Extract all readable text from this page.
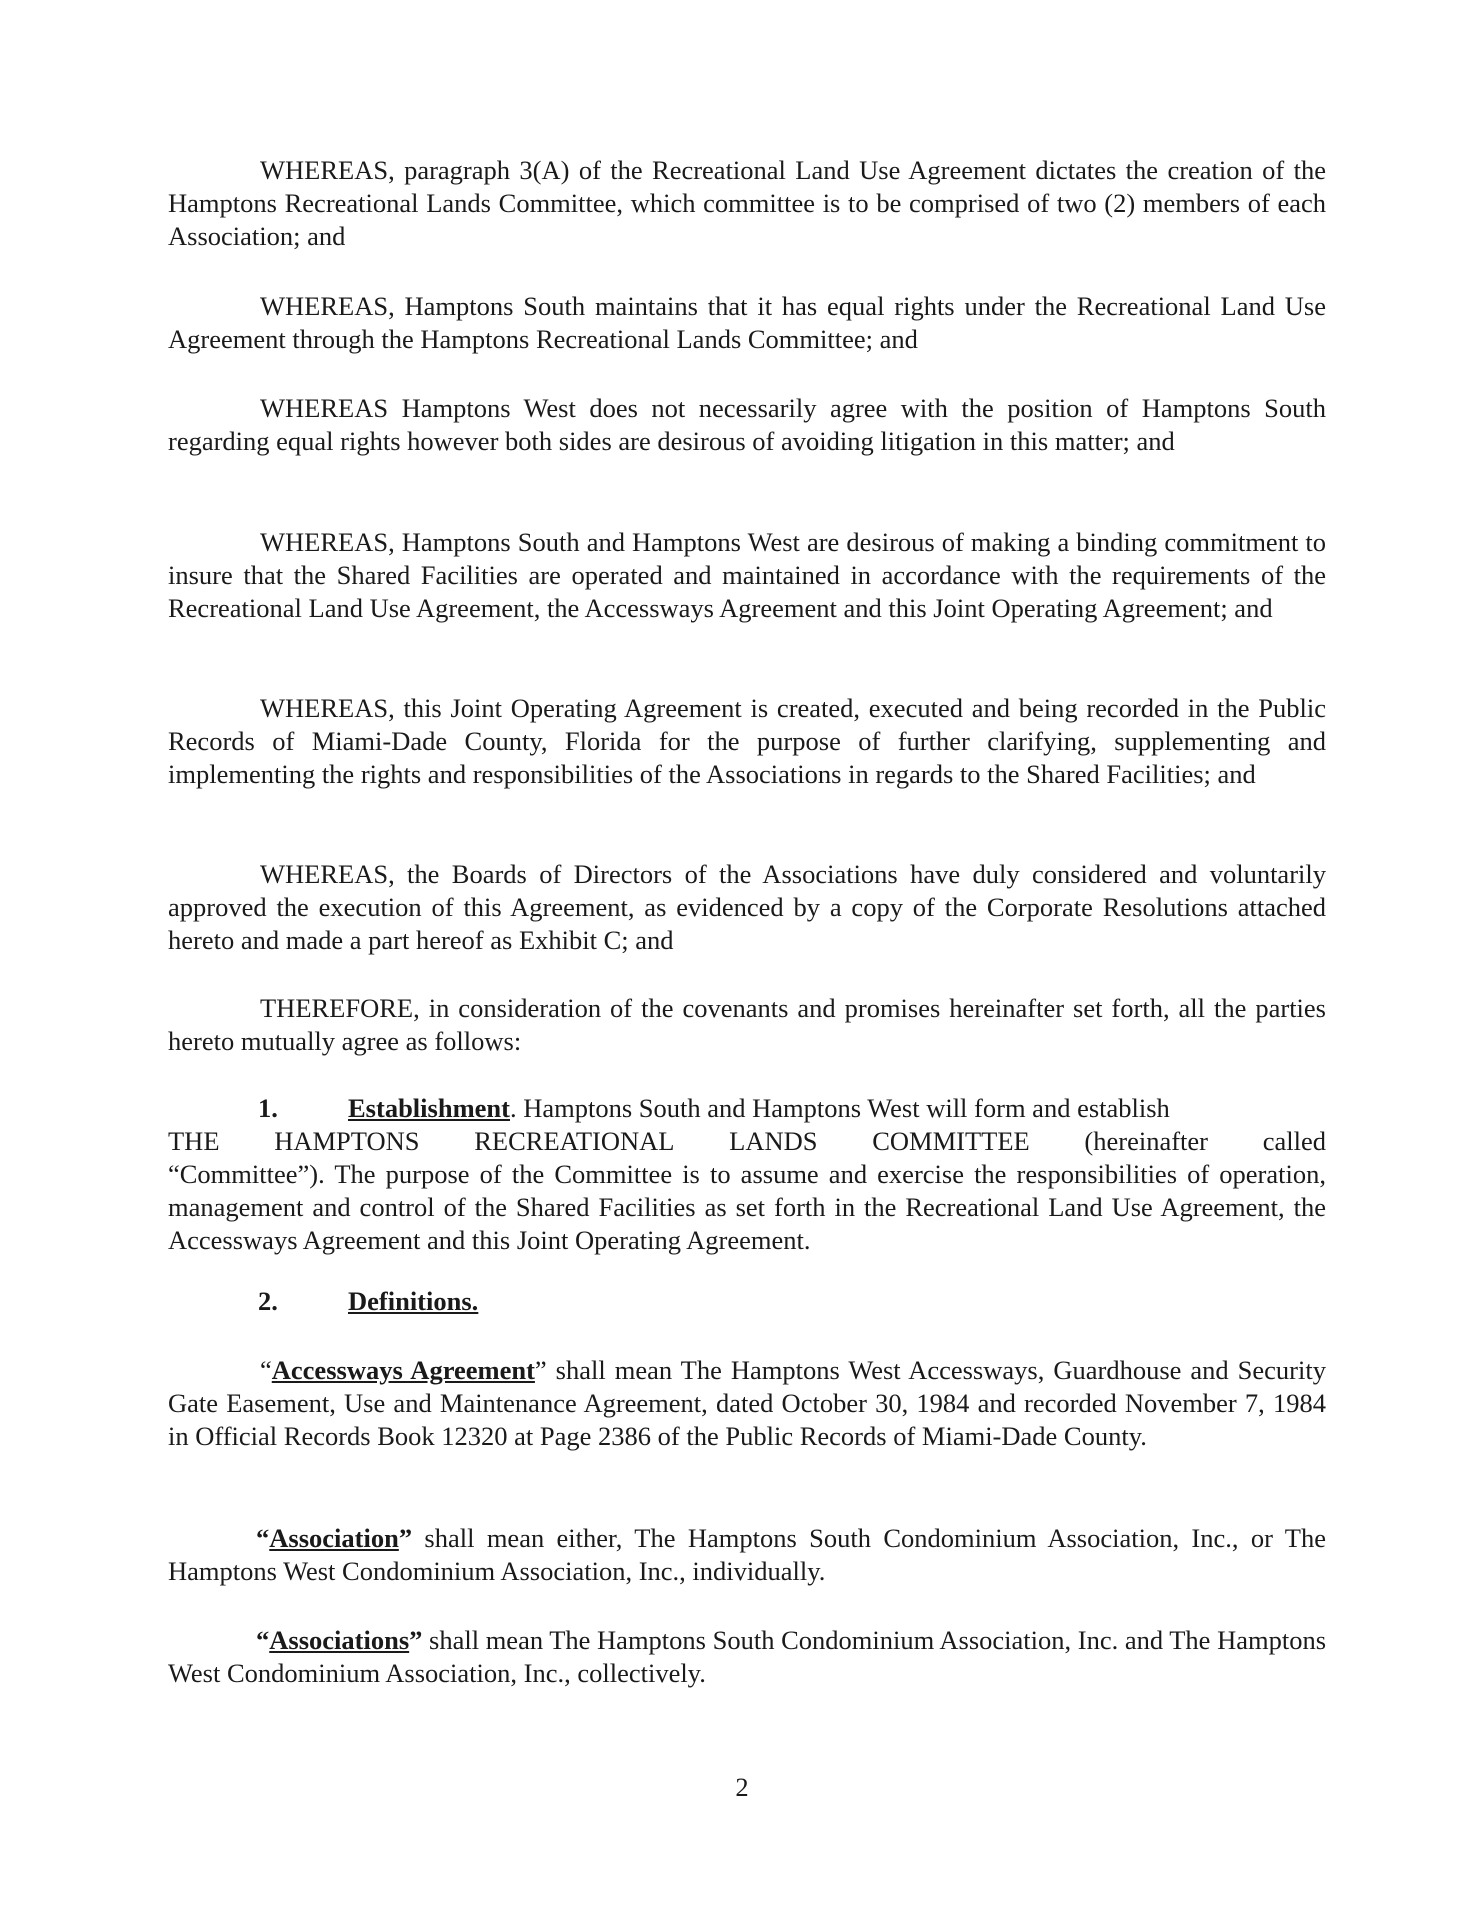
WHEREAS, paragraph 3(A) of the Recreational Land Use Agreement dictates the creation of the Hamptons Recreational Lands Committee, which committee is to be comprised of two (2) members of each Association; and

WHEREAS, Hamptons South maintains that it has equal rights under the Recreational Land Use Agreement through the Hamptons Recreational Lands Committee; and

WHEREAS Hamptons West does not necessarily agree with the position of Hamptons South regarding equal rights however both sides are desirous of avoiding litigation in this matter; and

WHEREAS, Hamptons South and Hamptons West are desirous of making a binding commitment to insure that the Shared Facilities are operated and maintained in accordance with the requirements of the Recreational Land Use Agreement, the Accessways Agreement and this Joint Operating Agreement; and

WHEREAS, this Joint Operating Agreement is created, executed and being recorded in the Public Records of Miami-Dade County, Florida for the purpose of further clarifying, supplementing and implementing the rights and responsibilities of the Associations in regards to the Shared Facilities; and

WHEREAS, the Boards of Directors of the Associations have duly considered and voluntarily approved the execution of this Agreement, as evidenced by a copy of the Corporate Resolutions attached hereto and made a part hereof as Exhibit C; and

THEREFORE, in consideration of the covenants and promises hereinafter set forth, all the parties hereto mutually agree as follows:

1.	Establishment. Hamptons South and Hamptons West will form and establish
THE HAMPTONS RECREATIONAL LANDS COMMITTEE (hereinafter called
“Committee”). The purpose of the Committee is to assume and exercise the responsibilities of operation, management and control of the Shared Facilities as set forth in the Recreational Land Use Agreement, the Accessways Agreement and this Joint Operating Agreement.

2.	Definitions.

“Accessways Agreement” shall mean The Hamptons West Accessways, Guardhouse and Security Gate Easement, Use and Maintenance Agreement, dated October 30, 1984 and recorded November 7, 1984 in Official Records Book 12320 at Page 2386 of the Public Records of Miami-Dade County.

“Association” shall mean either, The Hamptons South Condominium Association, Inc., or The Hamptons West Condominium Association, Inc., individually.

“Associations” shall mean The Hamptons South Condominium Association, Inc. and The Hamptons West Condominium Association, Inc., collectively.

2
